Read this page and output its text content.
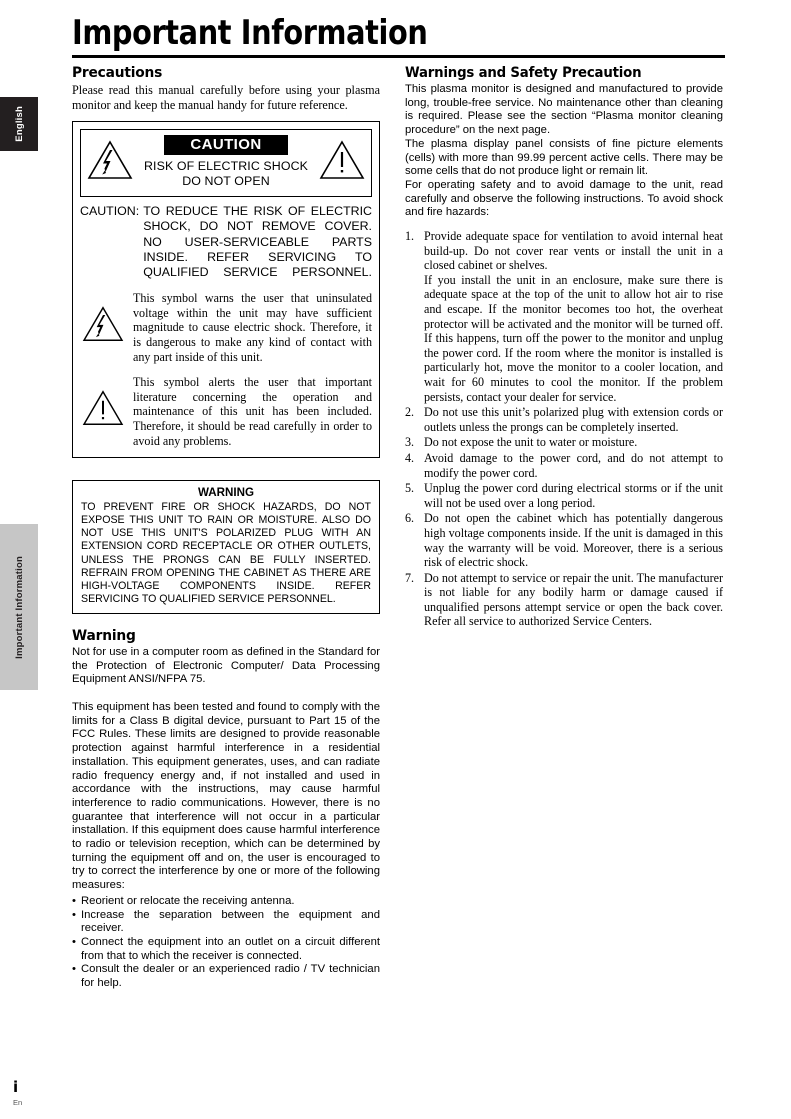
English
Important Information
Important Information
Precautions

Please read this manual carefully before using your plasma monitor and keep the manual handy for future reference.

CAUTION
RISK OF ELECTRIC SHOCK
DO NOT OPEN
CAUTION: TO REDUCE THE RISK OF ELECTRIC SHOCK, DO NOT REMOVE COVER. NO USER-SERVICEABLE PARTS INSIDE. REFER SERVICING TO QUALIFIED SERVICE PERSONNEL.
This symbol warns the user that uninsulated voltage within the unit may have sufficient magnitude to cause electric shock. Therefore, it is dangerous to make any kind of contact with any part inside of this unit.
This symbol alerts the user that important literature concerning the operation and maintenance of this unit has been included. Therefore, it should be read carefully in order to avoid any problems.
WARNING
TO PREVENT FIRE OR SHOCK HAZARDS, DO NOT EXPOSE THIS UNIT TO RAIN OR MOISTURE. ALSO DO NOT USE THIS UNIT'S POLARIZED PLUG WITH AN EXTENSION CORD RECEPTACLE OR OTHER OUTLETS, UNLESS THE PRONGS CAN BE FULLY INSERTED. REFRAIN FROM OPENING THE CABINET AS THERE ARE HIGH-VOLTAGE COMPONENTS INSIDE. REFER SERVICING TO QUALIFIED SERVICE PERSONNEL.
Warning

Not for use in a computer room as defined in the Standard for the Protection of Electronic Computer/ Data Processing Equipment ANSI/NFPA 75.

This equipment has been tested and found to comply with the limits for a Class B digital device, pursuant to Part 15 of the FCC Rules. These limits are designed to provide reasonable protection against harmful interference in a residential installation. This equipment generates, uses, and can radiate radio frequency energy and, if not installed and used in accordance with the instructions, may cause harmful interference to radio communications. However, there is no guarantee that interference will not occur in a particular installation. If this equipment does cause harmful interference to radio or television reception, which can be determined by turning the equipment off and on, the user is encouraged to try to correct the interference by one or more of the following measures:

• Reorient or relocate the receiving antenna.
• Increase the separation between the equipment and receiver.
• Connect the equipment into an outlet on a circuit different from that to which the receiver is connected.
• Consult the dealer or an experienced radio / TV technician for help.
Warnings and Safety Precaution

This plasma monitor is designed and manufactured to provide long, trouble-free service. No maintenance other than cleaning is required. Please see the section “Plasma monitor cleaning procedure” on the next page.

The plasma display panel consists of fine picture elements (cells) with more than 99.99 percent active cells. There may be some cells that do not produce light or remain lit.

For operating safety and to avoid damage to the unit, read carefully and observe the following instructions. To avoid shock and fire hazards:

1. Provide adequate space for ventilation to avoid internal heat build-up. Do not cover rear vents or install the unit in a closed cabinet or shelves.

If you install the unit in an enclosure, make sure there is adequate space at the top of the unit to allow hot air to rise and escape. If the monitor becomes too hot, the overheat protector will be activated and the monitor will be turned off. If this happens, turn off the power to the monitor and unplug the power cord. If the room where the monitor is installed is particularly hot, move the monitor to a cooler location, and wait for 60 minutes to cool the monitor. If the problem persists, contact your dealer for service.

2. Do not use this unit’s polarized plug with extension cords or outlets unless the prongs can be completely inserted.

3. Do not expose the unit to water or moisture.

4. Avoid damage to the power cord, and do not attempt to modify the power cord.

5. Unplug the power cord during electrical storms or if the unit will not be used over a long period.

6. Do not open the cabinet which has potentially dangerous high voltage components inside. If the unit is damaged in this way the warranty will be void. Moreover, there is a serious risk of electric shock.

7. Do not attempt to service or repair the unit. The manufacturer is not liable for any bodily harm or damage caused if unqualified persons attempt service or open the back cover. Refer all service to authorized Service Centers.

i
En
